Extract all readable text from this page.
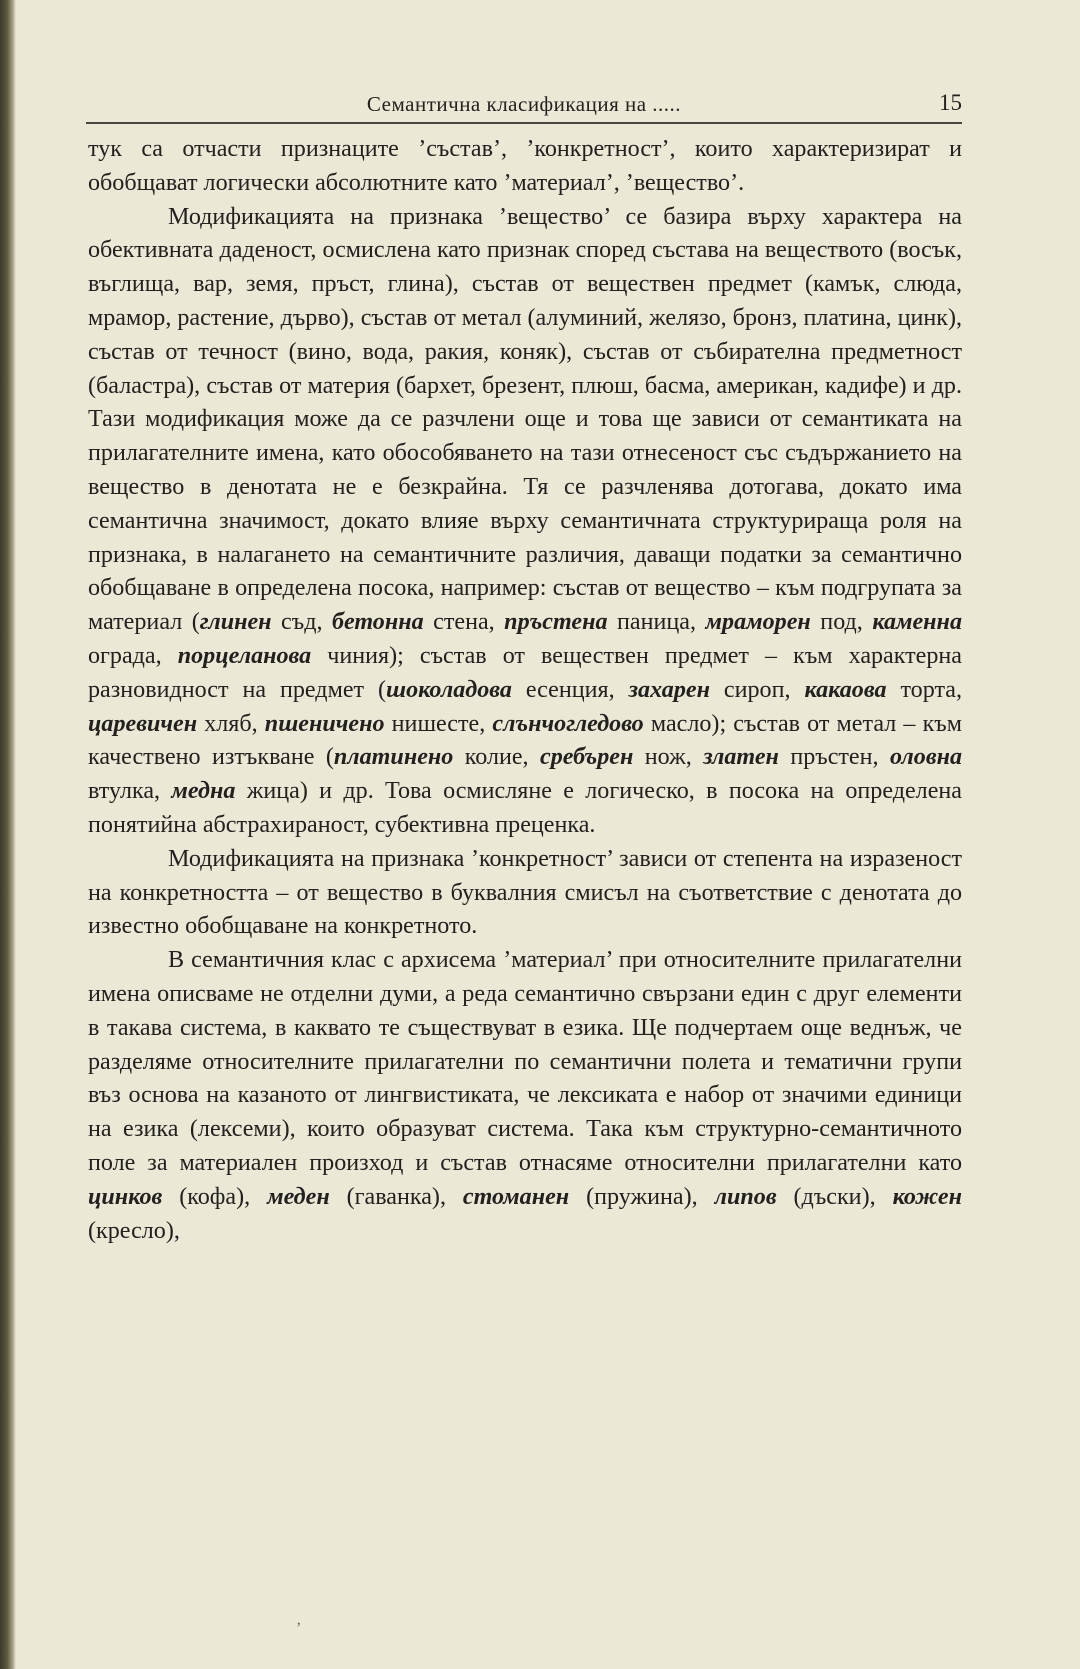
Семантична класификация на .....	15

тук са отчасти признаците ’състав’, ’конкретност’, които характеризират и обобщават логически абсолютните като ’материал’, ’вещество’.

Модификацията на признака ’вещество’ се базира върху характера на обективната даденост, осмислена като признак според състава на веществото (восък, въглища, вар, земя, пръст, глина), състав от веществен предмет (камък, слюда, мрамор, растение, дърво), състав от метал (алуминий, желязо, бронз, платина, цинк), състав от течност (вино, вода, ракия, коняк), състав от събирателна предметност (баластра), състав от материя (бархет, брезент, плюш, басма, американ, кадифе) и др. Тази модификация може да се разчлени още и това ще зависи от семантиката на прилагателните имена, като обособяването на тази отнесеност със съдържанието на вещество в денотата не е безкрайна. Тя се разчленява дотогава, докато има семантична значимост, докато влияе върху семантичната структурираща роля на признака, в налагането на семантичните различия, даващи податки за семантично обобщаване в определена посока, например: състав от вещество – към подгрупата за материал (глинен съд, бетонна стена, пръстена паница, мраморен под, каменна ограда, порцеланова чиния); състав от веществен предмет – към характерна разновидност на предмет (шоколадова есенция, захарен сироп, какаова торта, царевичен хляб, пшеничено нишесте, слънчогледово масло); състав от метал – към качествено изтъкване (платинено колие, сребърен нож, златен пръстен, оловна втулка, медна жица) и др. Това осмисляне е логическо, в посока на определена понятийна абстрахираност, субективна преценка.

Модификацията на признака ’конкретност’ зависи от степента на изразеност на конкретността – от вещество в буквалния смисъл на съответствие с денотата до известно обобщаване на конкретното.

В семантичния клас с архисема ’материал’ при относителните прилагателни имена описваме не отделни думи, а реда семантично свързани един с друг елементи в такава система, в каквато те съществуват в езика. Ще подчертаем още веднъж, че разделяме относителните прилагателни по семантични полета и тематични групи въз основа на казаното от лингвистиката, че лексиката е набор от значими единици на езика (лексеми), които образуват система. Така към структурно-семантичното поле за материален произход и състав отнасяме относителни прилагателни като цинков (кофа), меден (гаванка), стоманен (пружина), липов (дъски), кожен (кресло),

’
